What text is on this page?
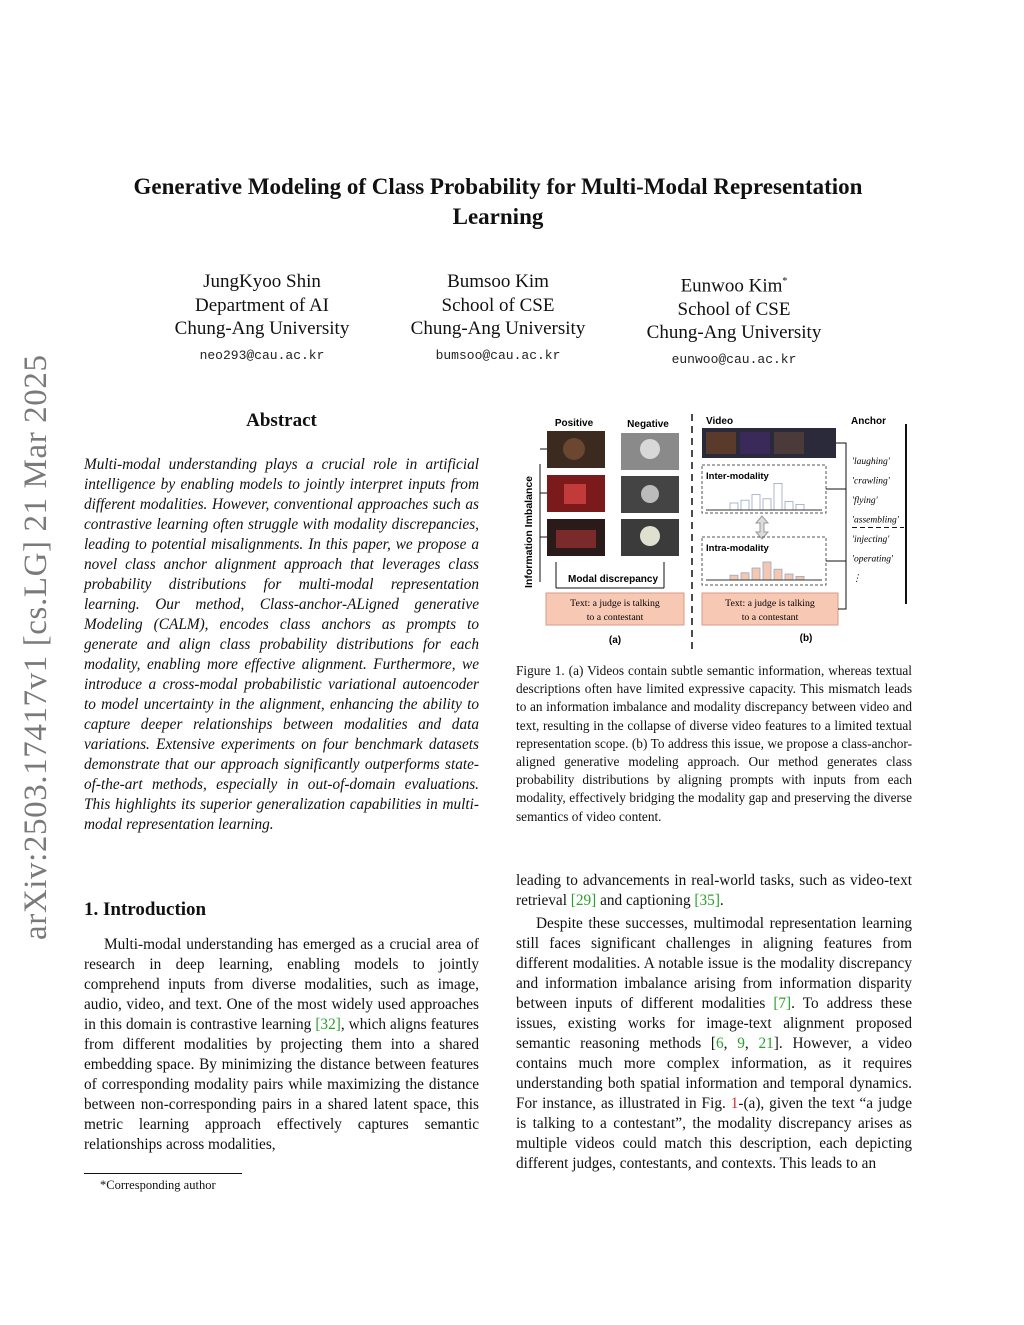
arXiv:2503.17417v1 [cs.LG] 21 Mar 2025
Generative Modeling of Class Probability for Multi-Modal Representation Learning
JungKyoo Shin
Department of AI
Chung-Ang University
neo293@cau.ac.kr
Bumsoo Kim
School of CSE
Chung-Ang University
bumsoo@cau.ac.kr
Eunwoo Kim*
School of CSE
Chung-Ang University
eunwoo@cau.ac.kr
Abstract
Multi-modal understanding plays a crucial role in artificial intelligence by enabling models to jointly interpret inputs from different modalities. However, conventional approaches such as contrastive learning often struggle with modality discrepancies, leading to potential misalignments. In this paper, we propose a novel class anchor alignment approach that leverages class probability distributions for multi-modal representation learning. Our method, Class-anchor-ALigned generative Modeling (CALM), encodes class anchors as prompts to generate and align class probability distributions for each modality, enabling more effective alignment. Furthermore, we introduce a cross-modal probabilistic variational autoencoder to model uncertainty in the alignment, enhancing the ability to capture deeper relationships between modalities and data variations. Extensive experiments on four benchmark datasets demonstrate that our approach significantly outperforms state-of-the-art methods, especially in out-of-domain evaluations. This highlights its superior generalization capabilities in multi-modal representation learning.
1. Introduction

Multi-modal understanding has emerged as a crucial area of research in deep learning, enabling models to jointly comprehend inputs from diverse modalities, such as image, audio, video, and text. One of the most widely used approaches in this domain is contrastive learning [32], which aligns features from different modalities by projecting them into a shared embedding space. By minimizing the distance between features of corresponding modality pairs while maximizing the distance between non-corresponding pairs in a shared latent space, this metric learning approach effectively captures semantic relationships across modalities,

*Corresponding author
Positive	Negative	Video	Anchor
Information Imbalance	Modal discrepancy
Text: a judge is talking to a contestant
Text: a judge is talking to a contestant
(a)	(b)
Inter-modality
Intra-modality
'laughing'
'crawling'
'flying'
'assembling'
'injecting'
'operating'
⋮
Figure 1. (a) Videos contain subtle semantic information, whereas textual descriptions often have limited expressive capacity. This mismatch leads to an information imbalance and modality discrepancy between video and text, resulting in the collapse of diverse video features to a limited textual representation scope. (b) To address this issue, we propose a class-anchor-aligned generative modeling approach. Our method generates class probability distributions by aligning prompts with inputs from each modality, effectively bridging the modality gap and preserving the diverse semantics of video content.

leading to advancements in real-world tasks, such as video-text retrieval [29] and captioning [35].

Despite these successes, multimodal representation learning still faces significant challenges in aligning features from different modalities. A notable issue is the modality discrepancy and information imbalance arising from information disparity between inputs of different modalities [7]. To address these issues, existing works for image-text alignment proposed semantic reasoning methods [6, 9, 21]. However, a video contains much more complex information, as it requires understanding both spatial information and temporal dynamics. For instance, as illustrated in Fig. 1-(a), given the text “a judge is talking to a contestant”, the modality discrepancy arises as multiple videos could match this description, each depicting different judges, contestants, and contexts. This leads to an
